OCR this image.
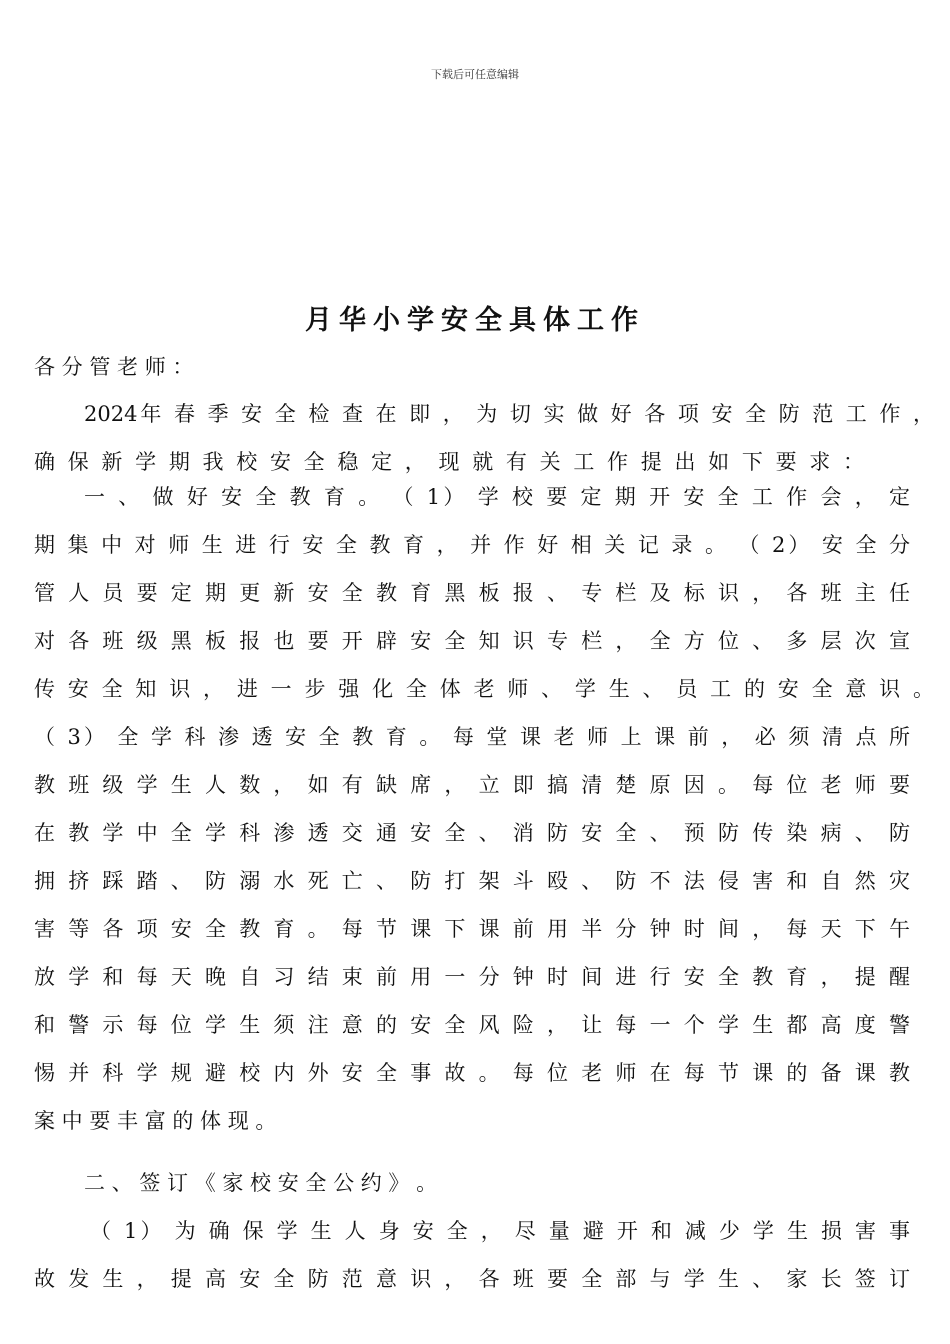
下载后可任意编辑
月华小学安全具体工作
各 分 管 老 师 ：
2024年 春 季 安 全 检 查 在 即 ， 为 切 实 做 好 各 项 安 全 防 范 工 作 ，
确 保 新 学 期 我 校 安 全 稳 定 ， 现 就 有 关 工 作 提 出 如 下 要 求 ：
一 、 做 好 安 全 教 育 。 （ 1） 学 校 要 定 期 开 安 全 工 作 会 ， 定
期 集 中 对 师 生 进 行 安 全 教 育 ， 并 作 好 相 关 记 录 。 （ 2） 安 全 分
管 人 员 要 定 期 更 新 安 全 教 育 黑 板 报 、 专 栏 及 标 识 ， 各 班 主 任
对 各 班 级 黑 板 报 也 要 开 辟 安 全 知 识 专 栏 ， 全 方 位 、 多 层 次 宣
传 安 全 知 识 ， 进 一 步 强 化 全 体 老 师 、 学 生 、 员 工 的 安 全 意 识 。
（ 3） 全 学 科 渗 透 安 全 教 育 。 每 堂 课 老 师 上 课 前 ， 必 须 清 点 所
教 班 级 学 生 人 数 ， 如 有 缺 席 ， 立 即 搞 清 楚 原 因 。 每 位 老 师 要
在 教 学 中 全 学 科 渗 透 交 通 安 全 、 消 防 安 全 、 预 防 传 染 病 、 防
拥 挤 踩 踏 、 防 溺 水 死 亡 、 防 打 架 斗 殴 、 防 不 法 侵 害 和 自 然 灾
害 等 各 项 安 全 教 育 。 每 节 课 下 课 前 用 半 分 钟 时 间 ， 每 天 下 午
放 学 和 每 天 晚 自 习 结 束 前 用 一 分 钟 时 间 进 行 安 全 教 育 ， 提 醒
和 警 示 每 位 学 生 须 注 意 的 安 全 风 险 ， 让 每 一 个 学 生 都 高 度 警
惕 并 科 学 规 避 校 内 外 安 全 事 故 。 每 位 老 师 在 每 节 课 的 备 课 教
案 中 要 丰 富 的 体 现 。
二 、 签 订 《 家 校 安 全 公 约 》 。
（ 1） 为 确 保 学 生 人 身 安 全 ， 尽 量 避 开 和 减 少 学 生 损 害 事
故 发 生 ， 提 高 安 全 防 范 意 识 ， 各 班 要 全 部 与 学 生 、 家 长 签 订
